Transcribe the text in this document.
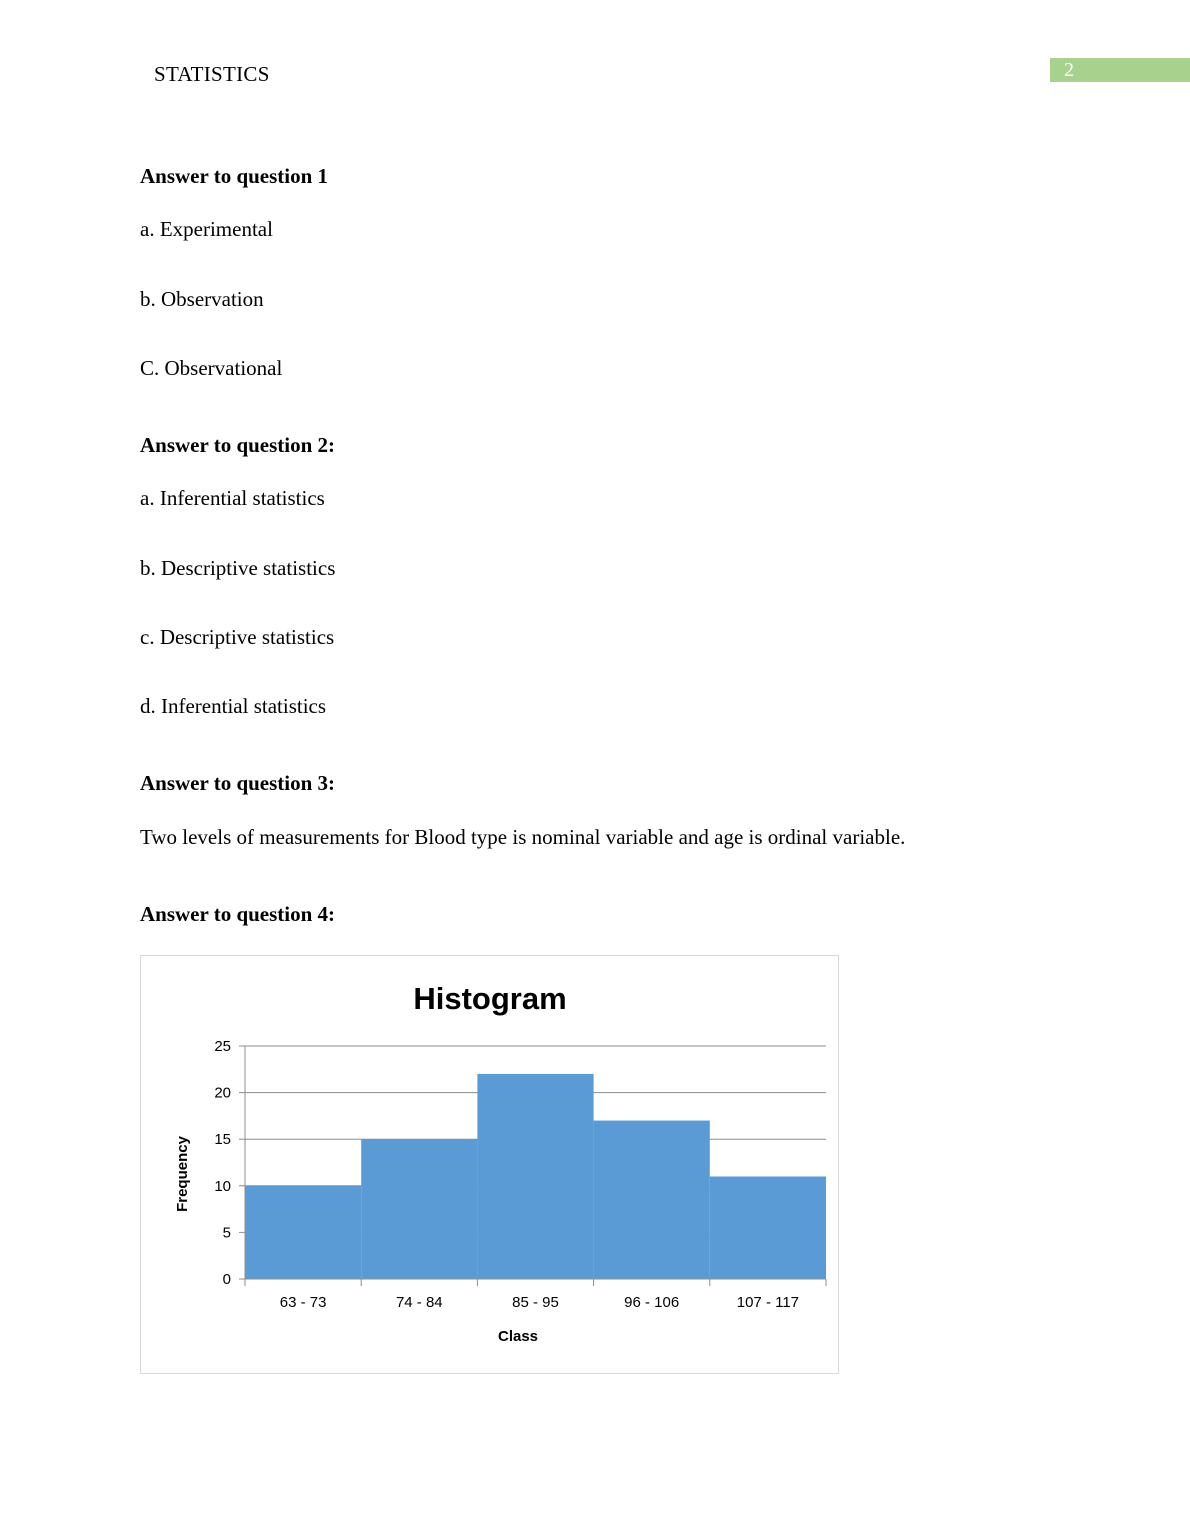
STATISTICS	2
Answer to question 1
a. Experimental
b. Observation
C. Observational
Answer to question 2:
a. Inferential statistics
b. Descriptive statistics
c. Descriptive statistics
d. Inferential statistics
Answer to question 3:
Two levels of measurements for Blood type is nominal variable and age is ordinal variable.
Answer to question 4:
0
5
10
15
20
25
63 - 73	74 - 84	85 - 95	96 - 106	107 - 117
Histogram
Frequency
Class
